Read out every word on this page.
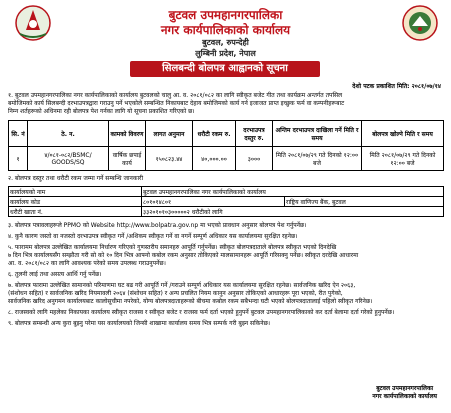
बुटवल उपमहानगरपालिका
नगर कार्यपालिकाको कार्यालय
बुटवल, रुपन्देही
लुम्बिनी प्रदेश, नेपाल
सिलबन्दी बोलपत्र आह्वानको सूचना
देशो पटक प्रकाशित मिति: २०८१/०७/१४
१. बुटवल उपमहानगरपालिका नगर कार्यपालिकाको कार्यालय बुटवलको चालु आ. व. २०८१/०८२ का लागि स्वीकृत बजेट गीत तथा कार्यक्रम अन्तर्गत तपसिल
बमोजिमको कार्य सिलबन्दी दरभाउपत्रद्वारा गराउनु पर्ने भएकोले सम्बन्धित निकायबाट देहाय बमोजिमको कार्य गर्न इजाजत प्राप्त इच्छुक फर्म वा कम्पनीहरूबाट
निम्न शर्तहरूको अधिनमा रही बोलपत्र पेश गर्नका लागि यो सूचना प्रकाशित गरिएको छ।
सि. नं	ठे. न.	कामको विवरण	लागत अनुमान	धरौटी रकम रु.	दरभाउपत्र दस्तुर रु.	अन्तिम दरभाउपत्र दाखिला गर्ने मिति र समय	बोलपत्र खोल्ने मिति र समय
१	४/०८१-०८२/BSMC/ GOODS/SQ	वार्षिक छपाई कार्य	१५०८२३.४४	४०,०००.००	३०००	मिति २०८१/०७/२९ गते दिनको १२:०० बजे	मिति २०८१/०७/२९ गते दिनको १२:०० बजे
२. बोलपत्र दस्तुर तथा धरौटी रकम जम्मा गर्ने सम्बन्धि जानकारी
कार्यालयको नाम	बुटवल उपमहानगरपालिका नगर कार्यपालिकाको कार्यालय	
कार्यालय कोड	८०१०१४८०१	राष्ट्रिय वाणिज्य बैंक, बुटवल
धरौटी खाता नं.	३३२०१०१०३०००००२ धरौटीको लागि	
३. बोलपत्र पत्रावलाहरूले PPMO को Website http://www.bolpatra.gov.np मा भएको प्रावधान अनुसार बोलपत्र पेश गर्नुपर्नेछ।
४. कुनै कारण जस्तो वा नजस्तो दरभाउपत्र स्वीकृत गर्ने /अशिकम स्वीकृत गर्ने वा नगर्ने सम्पूर्ण अधिकार यस कार्यालयमा सुरक्षित रहनेछ।
५. फारामम बोलपत्र उल्लेखित कार्यालयमा निर्धारण गरिएको गुणस्तरीय समानहरु आपूर्ति गर्नुपर्नेछ। स्वीकृत बोलपत्रदाताले बोलपत्र स्वीकृत भएको दिनदेखि
७ दिन भित्र कार्यालयसँग सम्झौता गरी सो को १० दिन भित्र आफ्नो कबोल रकम अनुसार तोकिएको मालसामानहरू आपूर्ति गरिसक्नु पर्नेछ। स्वीकृत दरदेखि आधारमा
आ. व. २०८१/०८२ का लागि आवश्यक परेको समय उपलब्ध गराउनुपर्नेछ।
६. तुलनी लाई तथा असत्य आर्थि गर्नु पर्नेछ।
७. बोलपत्र फारामा उल्लेखित सामानको परिमाणमा घट बढ गरी आपूर्ति गर्ने /गराउने सम्पूर्ण अधिकार यस कार्यालयमा सुरक्षित रहनेछ। सार्वजनिक खरिद ऐन २०६३,
(संशोधन सहित) र सार्वजनिक खरिद नियमावली २०६४ (संशोधन सहित) र अन्य प्रचलित नियम कानुन अनुसार तोकिएको आधारहरू पूरा भएको, रीत पुगेको,
सार्वजनिक खरिद अनुगमन कार्यालयबाट कालोसूचीमा नपरेको, योग्य बोलपत्रदाताहरूको बीचमा कबोल रकम सबैभन्दा घटी भएको बोलपत्रदातालाई पहिलो स्वीकृत गरिनेछ।
८. राजस्वको लागि महलेका निकायका कार्यालय स्वीकृत राजस्व र स्वीकृत बजेट र राजस्व फर्म दर्ता भएको हुनुपर्ने बुटवल उपमहानगरपालिकाको कर दर्ता बेलामा दर्ता गरेको हुनुपर्नेछ।
९. बोलपत्र सम्बन्धी अन्य कुरा बुझ्नु परेमा यस कार्यालयको जिन्सी शाखामा कार्यालय समय भित्र सम्पर्क गरी बुझ्न सकिनेछ।
बुटवल उपमहानगरपालिका
नगर कार्यपालिकाको कार्यालय
